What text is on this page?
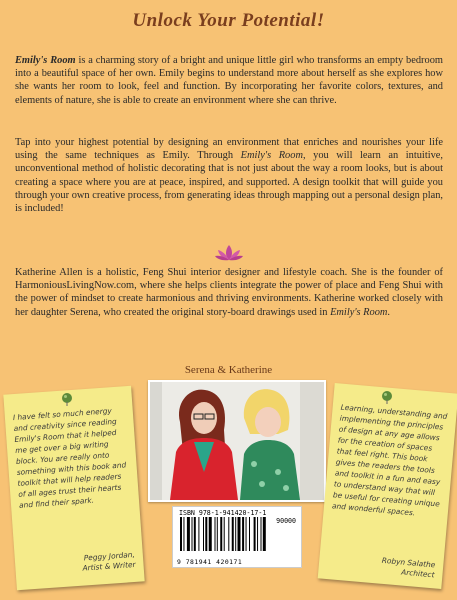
Unlock Your Potential!
Emily's Room is a charming story of a bright and unique little girl who transforms an empty bedroom into a beautiful space of her own. Emily begins to understand more about herself as she explores how she wants her room to look, feel and function. By incorporating her favorite colors, textures, and elements of nature, she is able to create an environment where she can thrive.
Tap into your highest potential by designing an environment that enriches and nourishes your life using the same techniques as Emily. Through Emily's Room, you will learn an intuitive, unconventional method of holistic decorating that is not just about the way a room looks, but is about creating a space where you are at peace, inspired, and supported. A design toolkit that will guide you through your own creative process, from generating ideas through mapping out a personal design plan, is included!
Katherine Allen is a holistic, Feng Shui interior designer and lifestyle coach. She is the founder of HarmoniousLivingNow.com, where she helps clients integrate the power of place and Feng Shui with the power of mindset to create harmonious and thriving environments. Katherine worked closely with her daughter Serena, who created the original story-board drawings used in Emily's Room.
Serena & Katherine
I have felt so much energy and creativity since reading Emily's Room that it helped me get over a big writing block. You are really onto something with this book and toolkit that will help readers of all ages trust their hearts and find their spark.
Peggy Jordan,
Artist & Writer
Learning, understanding and implementing the principles of design at any age allows for the creation of spaces that feel right. This book gives the readers the tools and toolkit in a fun and easy to understand way that will be useful for creating unique and wonderful spaces.
Robyn Salathe
Architect
ISBN 978-1-941420-17-1
90000
9 781941 420171
